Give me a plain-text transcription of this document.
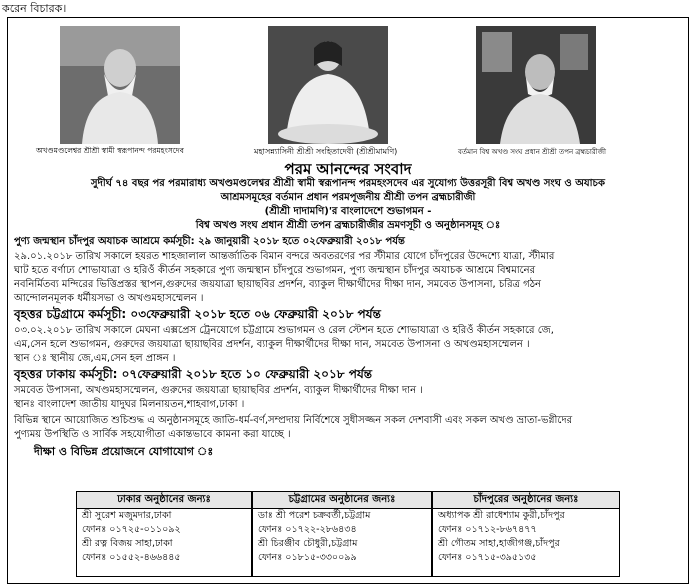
করেন বিচারক।
অখণ্ডমণ্ডলেশ্বর শ্রীশ্রী স্বামী স্বরূপানন্দ পরমহংসদেব	মহাসন্ন্যাসিনী শ্রীশ্রী সংহিতাদেবী (শ্রীশ্রীমামণি)	বর্তমান বিশ্ব অখণ্ড সংঘ প্রধান শ্রীশ্রী তপন ব্রহ্মচারীজী
পরম আনন্দের সংবাদ
সুদীর্ঘ ৭৪ বছর পর পরমারাধ্য অখণ্ডমণ্ডলেশ্বর শ্রীশ্রী স্বামী স্বরূপানন্দ পরমহংসদেব এর সুযোগ্য উত্তরসূরী বিশ্ব অখণ্ড সংঘ ও অযাচক
আশ্রমসমূহের বর্তমান প্রধান পরমপূজনীয় শ্রীশ্রী তপন ব্রহ্মচারীজী
(শ্রীশ্রী দাদামণি)'র বাংলাদেশে শুভাগমন -
বিশ্ব অখণ্ড সংঘ প্রধান শ্রীশ্রী তপন ব্রহ্মচারীজীর ভ্রমণসূচী ও অনুষ্ঠানসমূহ ঃ
পুণ্য জন্মস্থান চাঁদপুর অযাচক আশ্রমে কর্মসূচী: ২৯ জানুয়ারী ২০১৮ হতে ০২ফেব্রুয়ারী ২০১৮ পর্যন্ত
২৯.০১.২০১৮ তারিখ সকালে হযরত শাহজালাল আন্তর্জাতিক বিমান বন্দরে অবতরণের পর স্টীমার যোগে চাঁদপুরের উদ্দেশ্যে যাত্রা, স্টীমার
ঘাট হতে বর্ণাঢ্য শোভাযাত্রা ও হরিওঁ কীর্তন সহকারে পুণ্য জন্মস্থান চাঁদপুরে শুভাগমন, পুণ্য জন্মস্থান চাঁদপুর অযাচক আশ্রমে বিশ্বমানের
নবনির্মিতব্য মন্দিরের ভিত্তিপ্রস্তর স্থাপন,গুরুদের জয়যাত্রা ছায়াছবির প্রদর্শন, ব্যাকুল দীক্ষার্থীদের দীক্ষা দান, সমবেত উপাসনা, চরিত্র গঠন
আন্দোলনমূলক ধর্মীয়সভা ও অখণ্ডমহাসম্মেলন ।
বৃহত্তর চট্টগ্রামে কর্মসূচী: ০৩ফেব্রুয়ারী ২০১৮ হতে ০৬ ফেব্রুয়ারী ২০১৮ পর্যন্ত
০৩.০২.২০১৮ তারিখ সকালে মেঘনা এক্সপ্রেস ট্রেনযোগে চট্টগ্রামে শুভাগমন ও রেল স্টেশন হতে শোভাযাত্রা ও হরিওঁ কীর্তন সহকারে জে,
এম,সেন হলে শুভাগমন, গুরুদের জয়যাত্রা ছায়াছবির প্রদর্শন, ব্যাকুল দীক্ষার্থীদের দীক্ষা দান, সমবেত উপাসনা ও অখণ্ডমহাসম্মেলন ।
স্থান ঃ স্থানীয় জে,এম,সেন হল প্রাঙ্গন ।
বৃহত্তর ঢাকায় কর্মসূচী: ০৭ফেব্রুয়ারী ২০১৮ হতে ১০ ফেব্রুয়ারী ২০১৮ পর্যন্ত
সমবেত উপাসনা, অখণ্ডমহাসম্মেলন, গুরুদের জয়যাত্রা ছায়াছবির প্রদর্শন, ব্যাকুল দীক্ষার্থীদের দীক্ষা দান ।
স্থানঃ বাংলাদেশ জাতীয় যাদুঘর মিলনায়তন,শাহবাগ,ঢাকা ।
বিভিন্ন স্থানে আয়োজিত শুচিশুদ্ধ এ অনুষ্ঠানসমূহে জাতি-ধর্ম-বর্ণ,সম্প্রদায় নির্বিশেষে সুধীসজ্জন সকল দেশবাসী এবং সকল অখণ্ড ভ্রাতা-ভগ্নীদের
পুণ্যময় উপস্থিতি ও সার্বিক সহযোগীতা একান্তভাবে কামনা করা যাচ্ছে ।
দীক্ষা ও বিভিন্ন প্রয়োজনে যোগাযোগ ঃ
ঢাকার অনুষ্ঠানের জন্যঃ
শ্রী সুরেশ মজুমদার,ঢাকা
ফোনঃ ০১৭২৫-০১১০৯২
শ্রী রত্ন বিজয় সাহা,ঢাকা
ফোনঃ ০১৫৫২-৪৬৬৪৪৫
চট্টগ্রামের অনুষ্ঠানের জন্যঃ
ডাঃ শ্রী পরেশ চক্রবর্তী,চট্টগ্রাম
ফোনঃ ০১৭২২-২৮৬৪৩৪
শ্রী চিরঞ্জীব চৌধুরী,চট্টগ্রাম
ফোনঃ ০১৮১৫-৩৩০০৯৯
চাঁদপুরের অনুষ্ঠানের জন্যঃ
অধ্যাপক শ্রী রাধেশ্যাম কুরী,চাঁদপুর
ফোনঃ ০১৭১২-৮৬৭৪৭৭
শ্রী গৌতম সাহা,হাজীগঞ্জ,চাঁদপুর
ফোনঃ ০১৭১৫-৩৯৫১৩৫
